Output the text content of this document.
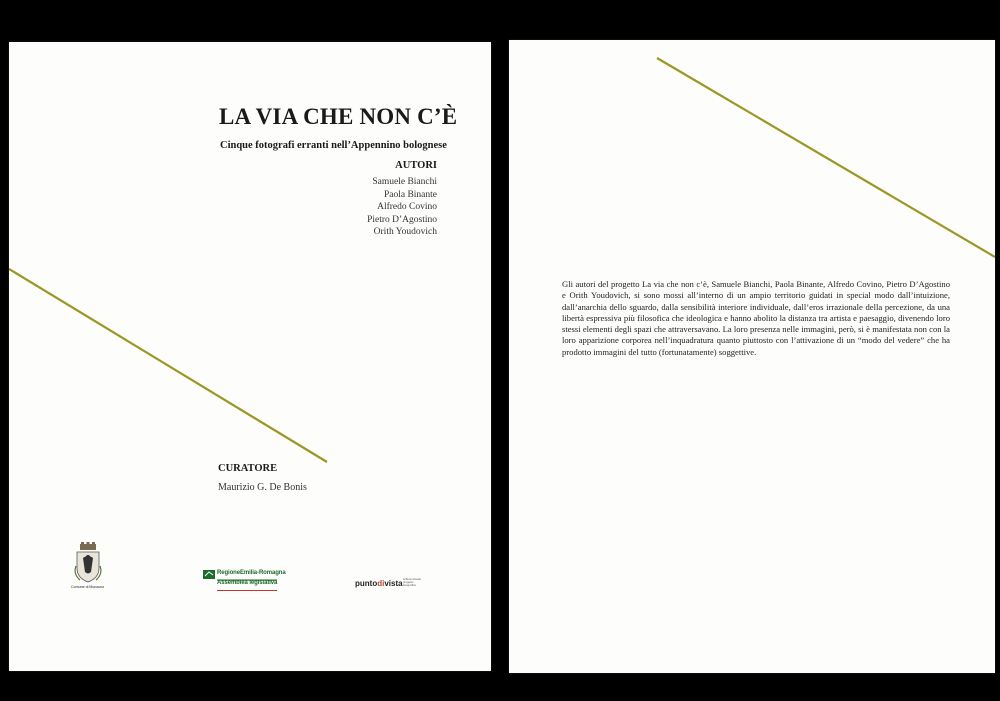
LA VIA CHE NON C’È
Cinque fotografi erranti nell’Appennino bolognese
AUTORI
Samuele Bianchi
Paola Binante
Alfredo Covino
Pietro D’Agostino
Orith Youdovich
CURATORE
Maurizio G. De Bonis
Comune di Monzuno
RegioneEmilia-Romagna
Assemblea legislativa	puntodivista cultura visuale progetto fotografico

Gli autori del progetto La via che non c’è, Samuele Bianchi, Paola Binante, Alfredo Covino, Pietro D’Agostino e Orith Youdovich, si sono mossi all’interno di un ampio territorio guidati in special modo dall’intuizione, dall’anarchia dello sguardo, dalla sensibilità interiore individuale, dall’eros irrazionale della percezione, da una libertà espressiva più filosofica che ideologica e hanno abolito la distanza tra artista e paesaggio, divenendo loro stessi elementi degli spazi che attraversavano. La loro presenza nelle immagini, però, si è manifestata non con la loro apparizione corporea nell’inquadratura quanto piuttosto con l’attivazione di un “modo del vedere” che ha prodotto immagini del tutto (fortunatamente) soggettive.
